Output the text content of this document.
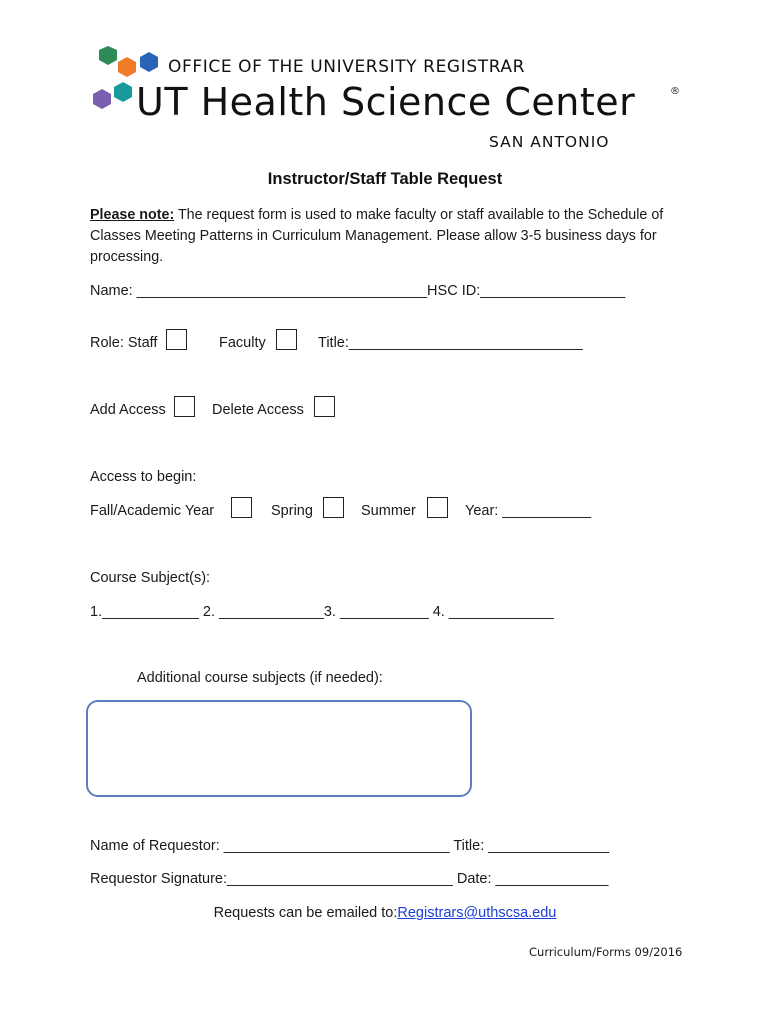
OFFICE OF THE UNIVERSITY REGISTRAR
UT Health Science Center	®
SAN ANTONIO
Instructor/Staff Table Request
Please note: The request form is used to make faculty or staff available to the Schedule of Classes Meeting Patterns in Curriculum Management. Please allow 3-5 business days for processing.
Name: ____________________________________HSC ID:__________________
Role: Staff	Faculty	Title:_____________________________
Add Access	Delete Access
Access to begin:
Fall/Academic Year	Spring	Summer	Year: ___________
Course Subject(s):
1.____________ 2. _____________3. ___________ 4. _____________
Additional course subjects (if needed):
Name of Requestor: ____________________________ Title: _______________
Requestor Signature:____________________________ Date: ______________
Requests can be emailed to:Registrars@uthscsa.edu
Curriculum/Forms 09/2016
